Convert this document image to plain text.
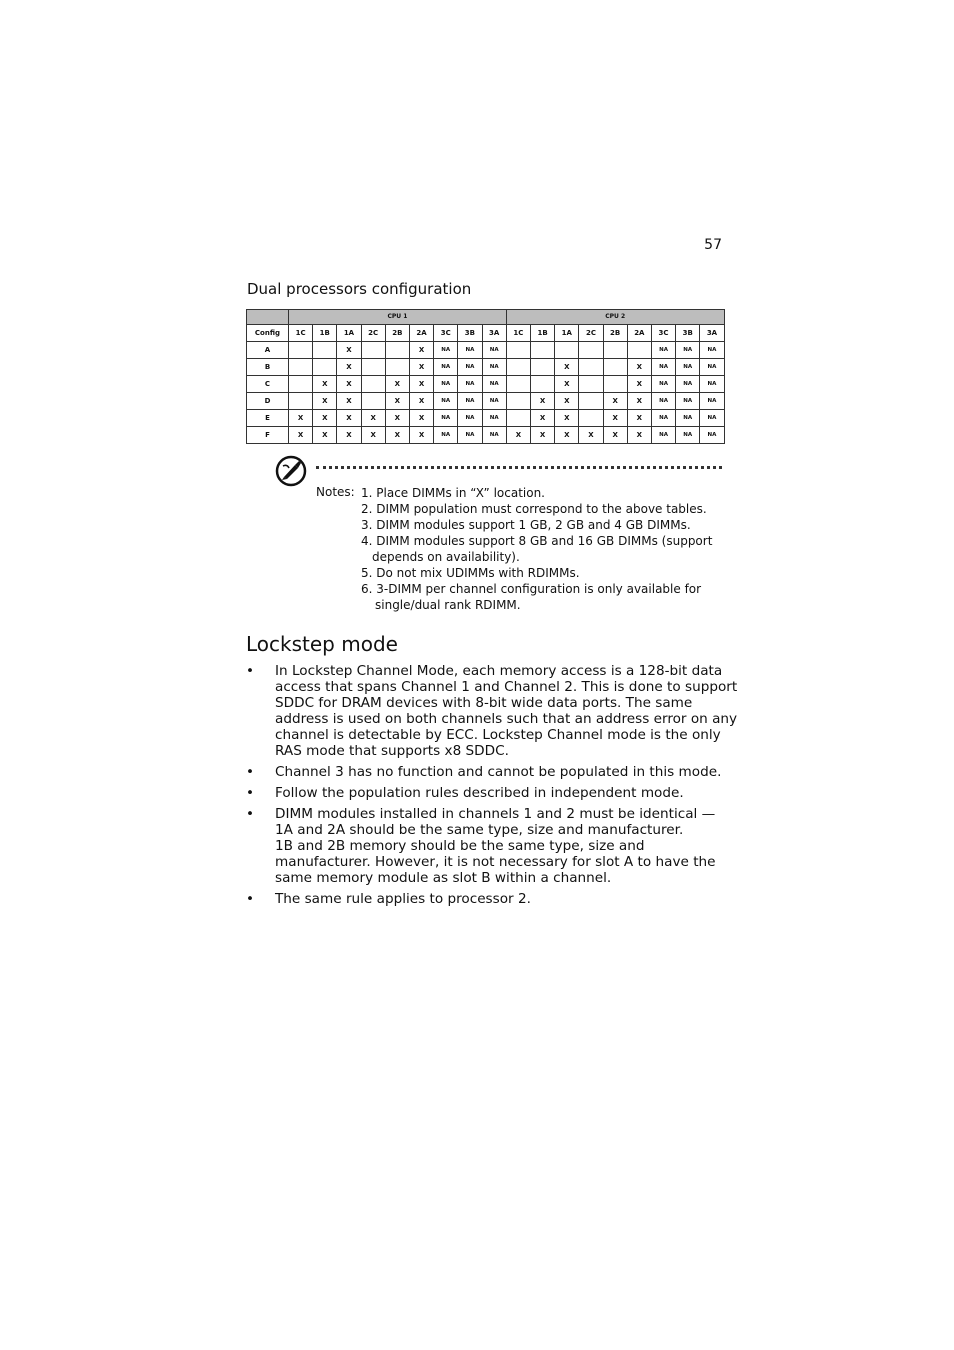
57
Dual processors configuration
	CPU 1									CPU 2								
Config	1C	1B	1A	2C	2B	2A	3C	3B	3A	1C	1B	1A	2C	2B	2A	3C	3B	3A
A			X			X	NA	NA	NA							NA	NA	NA
B			X			X	NA	NA	NA			X			X	NA	NA	NA
C		X	X		X	X	NA	NA	NA			X			X	NA	NA	NA
D		X	X		X	X	NA	NA	NA		X	X		X	X	NA	NA	NA
E	X	X	X	X	X	X	NA	NA	NA		X	X		X	X	NA	NA	NA
F	X	X	X	X	X	X	NA	NA	NA	X	X	X	X	X	X	NA	NA	NA
Notes: 1. Place DIMMs in “X” location.
2. DIMM population must correspond to the above tables.
3. DIMM modules support 1 GB, 2 GB and 4 GB DIMMs.
4. DIMM modules support 8 GB and 16 GB DIMMs (support
depends on availability).
5. Do not mix UDIMMs with RDIMMs.
6. 3-DIMM per channel configuration is only available for
single/dual rank RDIMM.
Lockstep mode
• In Lockstep Channel Mode, each memory access is a 128-bit data
access that spans Channel 1 and Channel 2. This is done to support
SDDC for DRAM devices with 8-bit wide data ports. The same
address is used on both channels such that an address error on any
channel is detectable by ECC. Lockstep Channel mode is the only
RAS mode that supports x8 SDDC.
• Channel 3 has no function and cannot be populated in this mode.
• Follow the population rules described in independent mode.
• DIMM modules installed in channels 1 and 2 must be identical —
1A and 2A should be the same type, size and manufacturer.
1B and 2B memory should be the same type, size and
manufacturer. However, it is not necessary for slot A to have the
same memory module as slot B within a channel.
• The same rule applies to processor 2.
